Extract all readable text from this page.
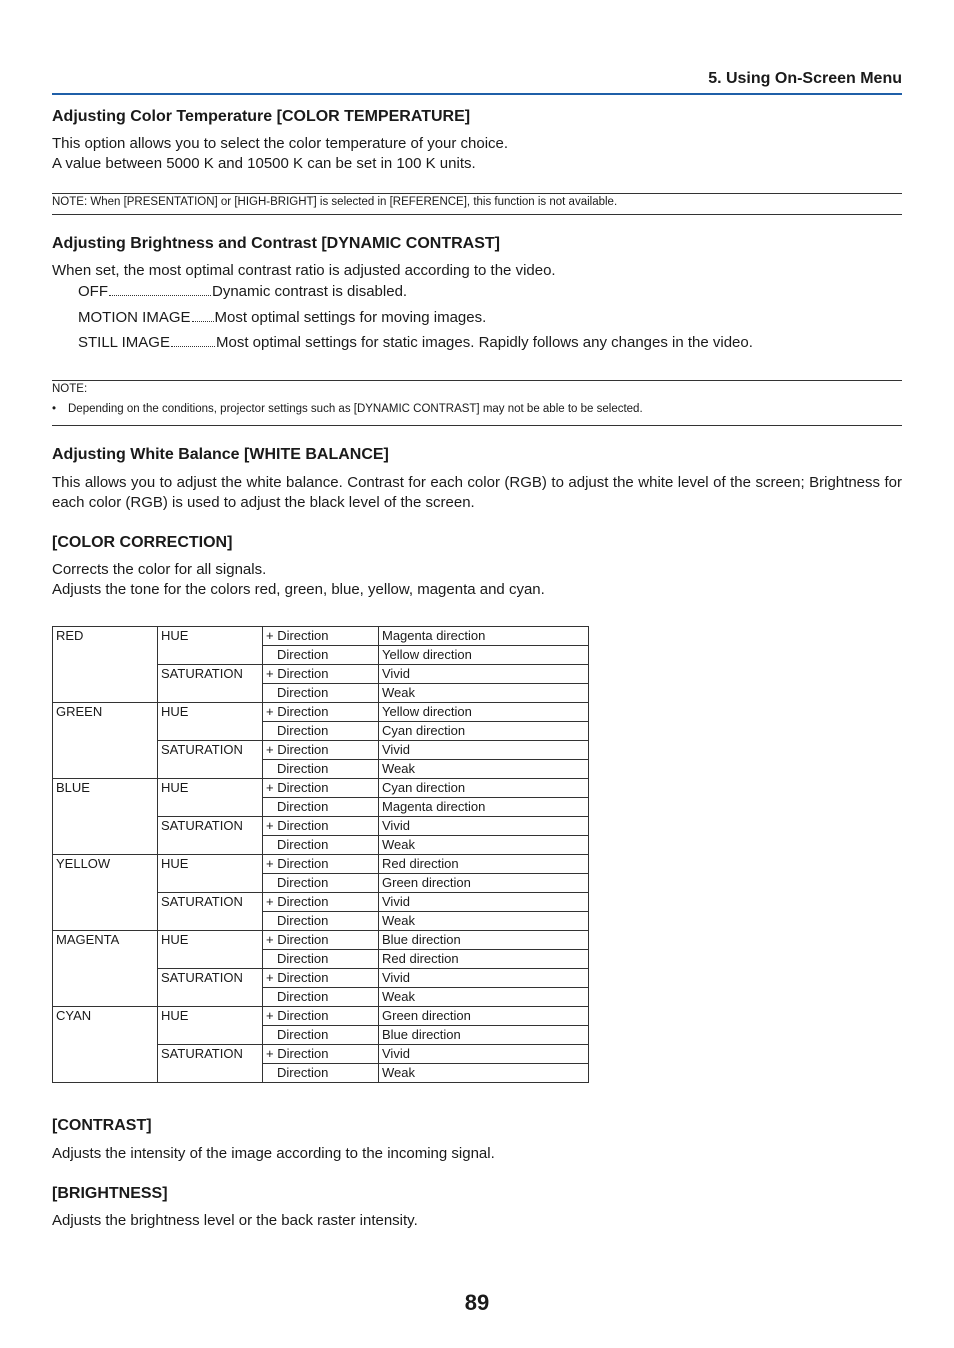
5. Using On-Screen Menu
Adjusting Color Temperature [COLOR TEMPERATURE]

This option allows you to select the color temperature of your choice.

A value between 5000 K and 10500 K can be set in 100 K units.

NOTE: When [PRESENTATION] or [HIGH-BRIGHT] is selected in [REFERENCE], this function is not available.
Adjusting Brightness and Contrast [DYNAMIC CONTRAST]

When set, the most optimal contrast ratio is adjusted according to the video.

OFF	Dynamic contrast is disabled.
MOTION IMAGE Most optimal settings for moving images.
STILL IMAGE	Most optimal settings for static images. Rapidly follows any changes in the video.
NOTE:
• Depending on the conditions, projector settings such as [DYNAMIC CONTRAST] may not be able to be selected.
Adjusting White Balance [WHITE BALANCE]
This allows you to adjust the white balance. Contrast for each color (RGB) to adjust the white level of the screen; Brightness for each color (RGB) is used to adjust the black level of the screen.
[COLOR CORRECTION]

Corrects the color for all signals.

Adjusts the tone for the colors red, green, blue, yellow, magenta and cyan.

RED	HUE	+ Direction	Magenta direction
		Direction	Yellow direction
	SATURATION	+ Direction	Vivid
		Direction	Weak
GREEN	HUE	+ Direction	Yellow direction
		Direction	Cyan direction
	SATURATION	+ Direction	Vivid
		Direction	Weak
BLUE	HUE	+ Direction	Cyan direction
		Direction	Magenta direction
	SATURATION	+ Direction	Vivid
		Direction	Weak
YELLOW	HUE	+ Direction	Red direction
		Direction	Green direction
	SATURATION	+ Direction	Vivid
		Direction	Weak
MAGENTA	HUE	+ Direction	Blue direction
		Direction	Red direction
	SATURATION	+ Direction	Vivid
		Direction	Weak
CYAN	HUE	+ Direction	Green direction
		Direction	Blue direction
	SATURATION	+ Direction	Vivid
		Direction	Weak
[CONTRAST]

Adjusts the intensity of the image according to the incoming signal.

[BRIGHTNESS]

Adjusts the brightness level or the back raster intensity.

89
